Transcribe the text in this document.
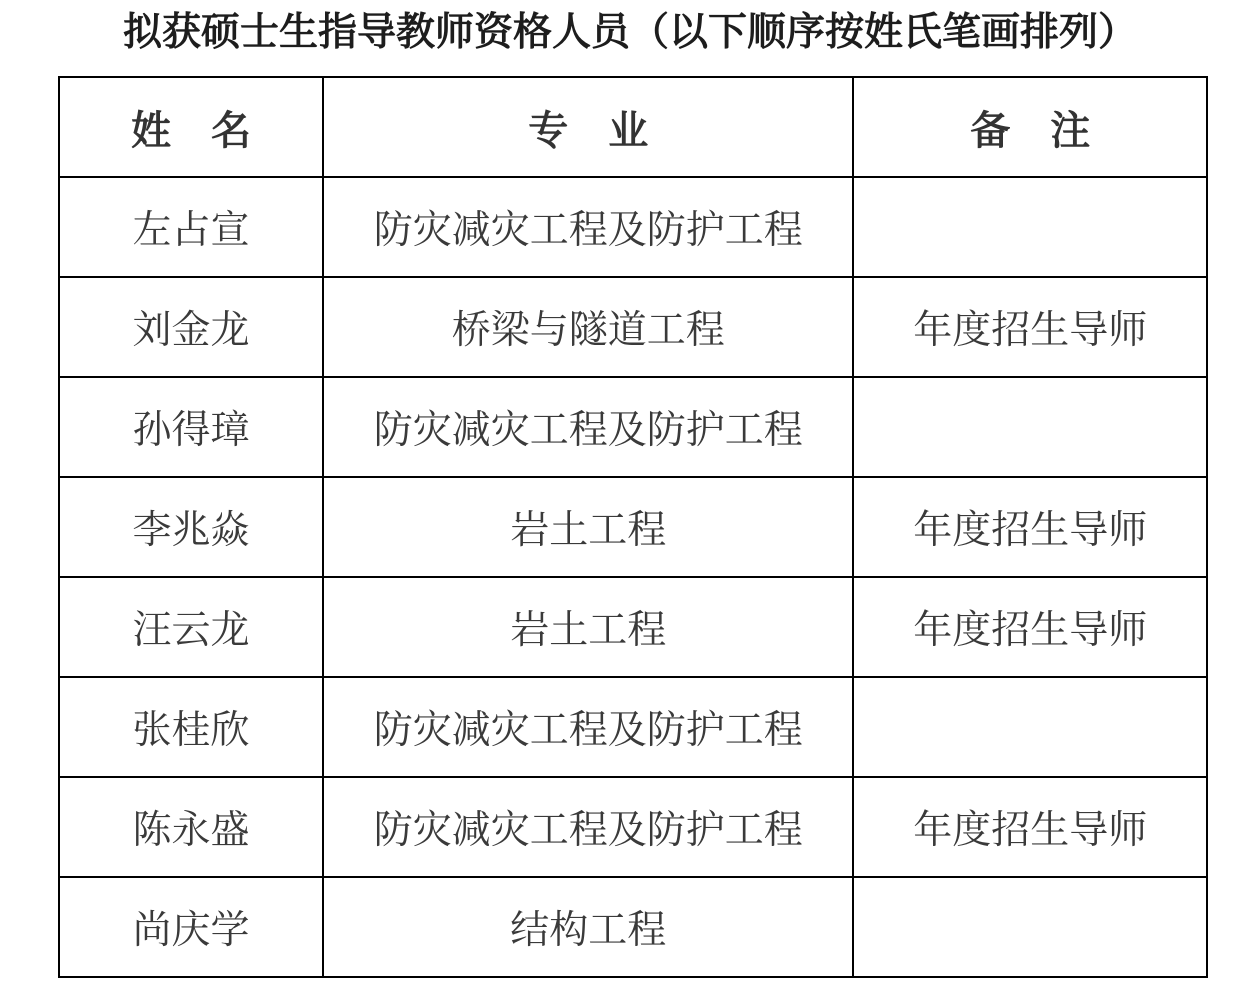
拟获硕士生指导教师资格人员（以下顺序按姓氏笔画排列）
姓　名	专　业	备　注
左占宣	防灾减灾工程及防护工程	
刘金龙	桥梁与隧道工程	年度招生导师
孙得璋	防灾减灾工程及防护工程	
李兆焱	岩土工程	年度招生导师
汪云龙	岩土工程	年度招生导师
张桂欣	防灾减灾工程及防护工程	
陈永盛	防灾减灾工程及防护工程	年度招生导师
尚庆学	结构工程	
